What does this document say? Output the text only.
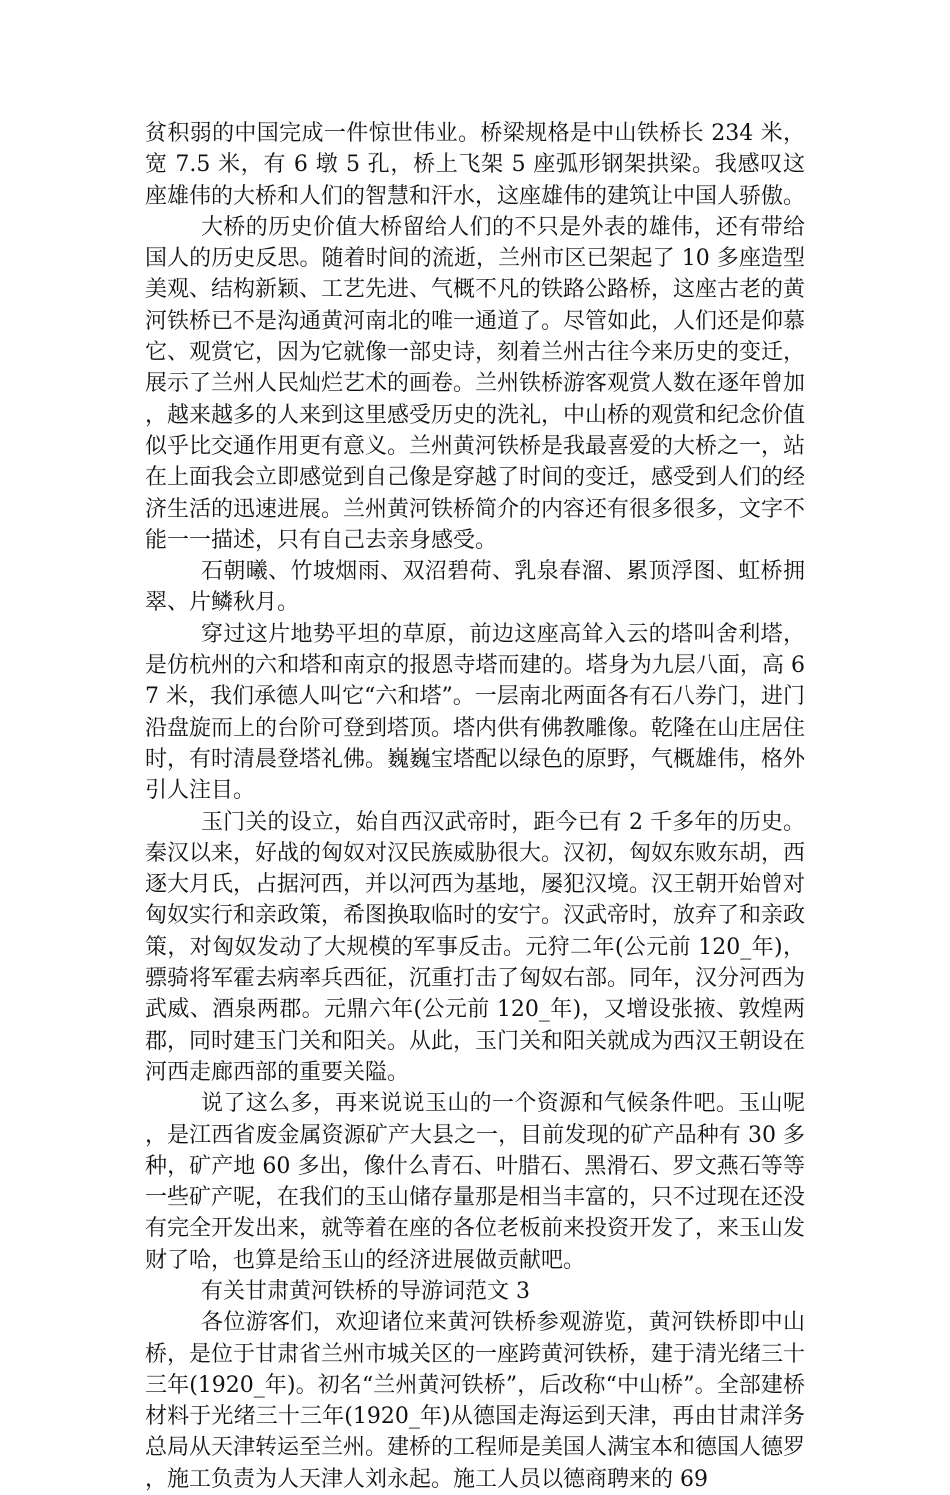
贫积弱的中国完成一件惊世伟业。桥梁规格是中山铁桥长 234 米，宽 7.5 米，有 6 墩 5 孔，桥上飞架 5 座弧形钢架拱梁。我感叹这座雄伟的大桥和人们的智慧和汗水，这座雄伟的建筑让中国人骄傲。

大桥的历史价值大桥留给人们的不只是外表的雄伟，还有带给国人的历史反思。随着时间的流逝，兰州市区已架起了 10 多座造型美观、结构新颖、工艺先进、气概不凡的铁路公路桥，这座古老的黄河铁桥已不是沟通黄河南北的唯一通道了。尽管如此，人们还是仰慕它、观赏它，因为它就像一部史诗，刻着兰州古往今来历史的变迁，展示了兰州人民灿烂艺术的画卷。兰州铁桥游客观赏人数在逐年曾加，越来越多的人来到这里感受历史的洗礼，中山桥的观赏和纪念价值似乎比交通作用更有意义。兰州黄河铁桥是我最喜爱的大桥之一，站在上面我会立即感觉到自己像是穿越了时间的变迁，感受到人们的经济生活的迅速进展。兰州黄河铁桥简介的内容还有很多很多，文字不能一一描述，只有自己去亲身感受。

石朝曦、竹坡烟雨、双沼碧荷、乳泉春溜、累顶浮图、虹桥拥翠、片鳞秋月。

穿过这片地势平坦的草原，前边这座高耸入云的塔叫舍利塔，是仿杭州的六和塔和南京的报恩寺塔而建的。塔身为九层八面，高 67 米，我们承德人叫它“六和塔”。一层南北两面各有石八券门，进门沿盘旋而上的台阶可登到塔顶。塔内供有佛教雕像。乾隆在山庄居住时，有时清晨登塔礼佛。巍巍宝塔配以绿色的原野，气概雄伟，格外引人注目。

玉门关的设立，始自西汉武帝时，距今已有 2 千多年的历史。秦汉以来，好战的匈奴对汉民族威胁很大。汉初，匈奴东败东胡，西逐大月氏，占据河西，并以河西为基地，屡犯汉境。汉王朝开始曾对匈奴实行和亲政策，希图换取临时的安宁。汉武帝时，放弃了和亲政策，对匈奴发动了大规模的军事反击。元狩二年(公元前 120_年)，骠骑将军霍去病率兵西征，沉重打击了匈奴右部。同年，汉分河西为武威、酒泉两郡。元鼎六年(公元前 120_年)，又增设张掖、敦煌两郡，同时建玉门关和阳关。从此，玉门关和阳关就成为西汉王朝设在河西走廊西部的重要关隘。

说了这么多，再来说说玉山的一个资源和气候条件吧。玉山呢，是江西省废金属资源矿产大县之一，目前发现的矿产品种有 30 多种，矿产地 60 多出，像什么青石、叶腊石、黑滑石、罗文燕石等等一些矿产呢，在我们的玉山储存量那是相当丰富的，只不过现在还没有完全开发出来，就等着在座的各位老板前来投资开发了，来玉山发财了哈，也算是给玉山的经济进展做贡献吧。

有关甘肃黄河铁桥的导游词范文 3

各位游客们，欢迎诸位来黄河铁桥参观游览，黄河铁桥即中山桥，是位于甘肃省兰州市城关区的一座跨黄河铁桥，建于清光绪三十三年(1920_年)。初名“兰州黄河铁桥”，后改称“中山桥”。全部建桥材料于光绪三十三年(1920_年)从德国走海运到天津，再由甘肃洋务总局从天津转运至兰州。建桥的工程师是美国人满宝本和德国人德罗，施工负责为人天津人刘永起。施工人员以德商聘来的 69
